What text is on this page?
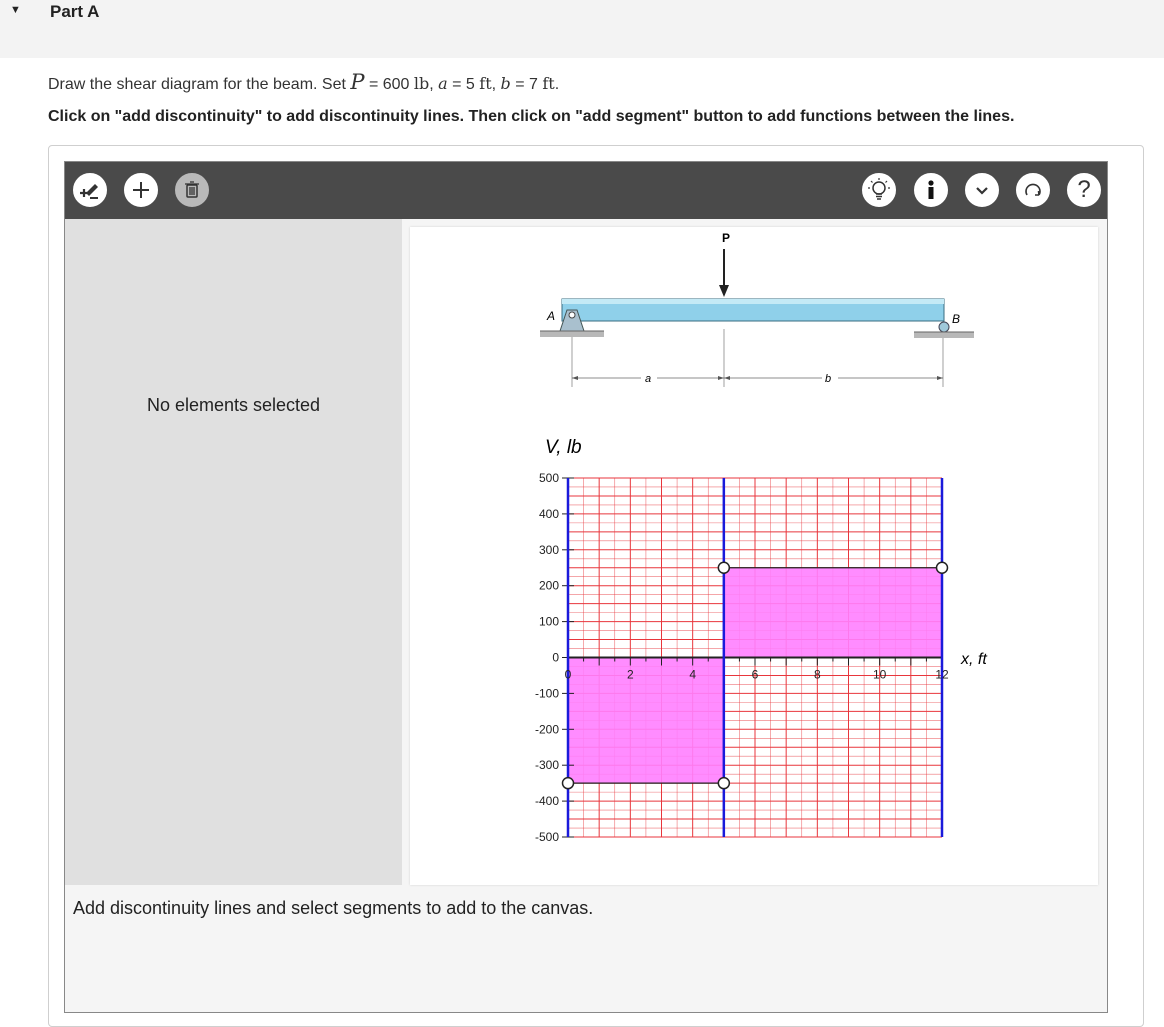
▼ Part A
Draw the shear diagram for the beam. Set P = 600 lb, a = 5 ft, b = 7 ft.
Click on "add discontinuity" to add discontinuity lines. Then click on "add segment" button to add functions between the lines.
?
No elements selected
P
A	B
a	b
V, lb
x, ft
500
400
300
200
100
0
-100
-200
-300
-400
-500
0	2	4	6	8	10	12
Add discontinuity lines and select segments to add to the canvas.
